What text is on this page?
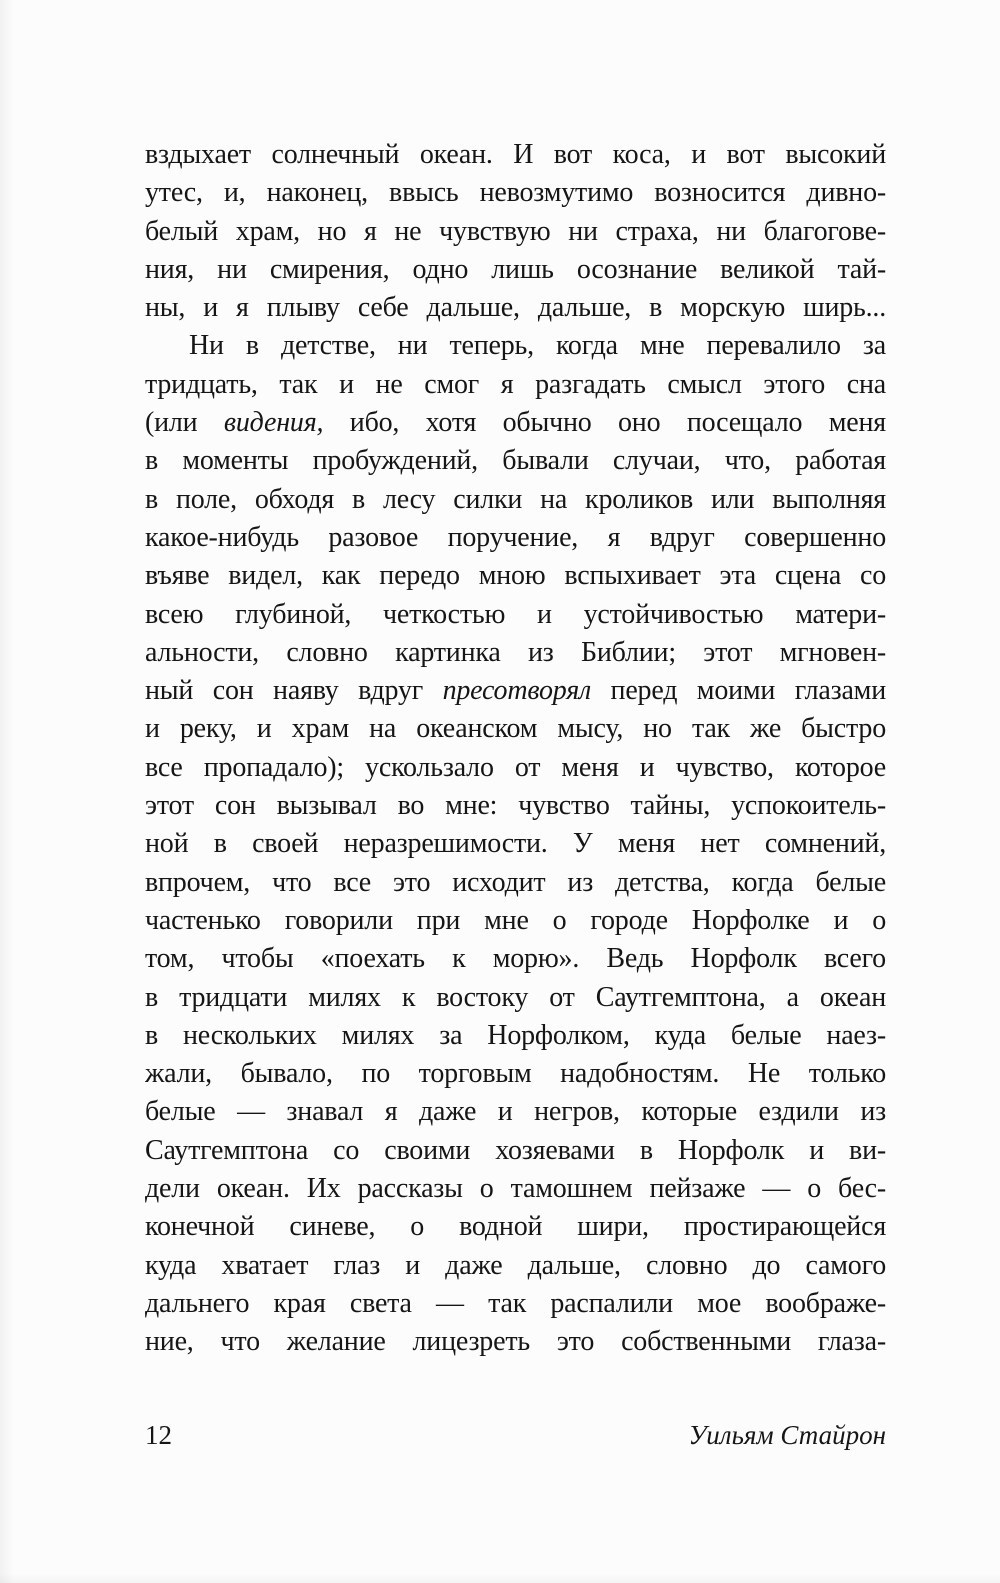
вздыхает солнечный океан. И вот коса, и вот высокий
утес, и, наконец, ввысь невозмутимо возносится дивно-
белый храм, но я не чувствую ни страха, ни благогове-
ния, ни смирения, одно лишь осознание великой тай-
ны, и я плыву себе дальше, дальше, в морскую ширь...
Ни в детстве, ни теперь, когда мне перевалило за
тридцать, так и не смог я разгадать смысл этого сна
(или видения, ибо, хотя обычно оно посещало меня
в моменты пробуждений, бывали случаи, что, работая
в поле, обходя в лесу силки на кроликов или выполняя
какое-нибудь разовое поручение, я вдруг совершенно
въяве видел, как передо мною вспыхивает эта сцена со
всею глубиной, четкостью и устойчивостью матери-
альности, словно картинка из Библии; этот мгновен-
ный сон наяву вдруг пресотворял перед моими глазами
и реку, и храм на океанском мысу, но так же быстро
все пропадало); ускользало от меня и чувство, которое
этот сон вызывал во мне: чувство тайны, успокоитель-
ной в своей неразрешимости. У меня нет сомнений,
впрочем, что все это исходит из детства, когда белые
частенько говорили при мне о городе Норфолке и о
том, чтобы «поехать к морю». Ведь Норфолк всего
в тридцати милях к востоку от Саутгемптона, а океан
в нескольких милях за Норфолком, куда белые наез-
жали, бывало, по торговым надобностям. Не только
белые — знавал я даже и негров, которые ездили из
Саутгемптона со своими хозяевами в Норфолк и ви-
дели океан. Их рассказы о тамошнем пейзаже — о бес-
конечной синеве, о водной шири, простирающейся
куда хватает глаз и даже дальше, словно до самого
дальнего края света — так распалили мое воображе-
ние, что желание лицезреть это собственными глаза-
12	Уильям Стайрон
